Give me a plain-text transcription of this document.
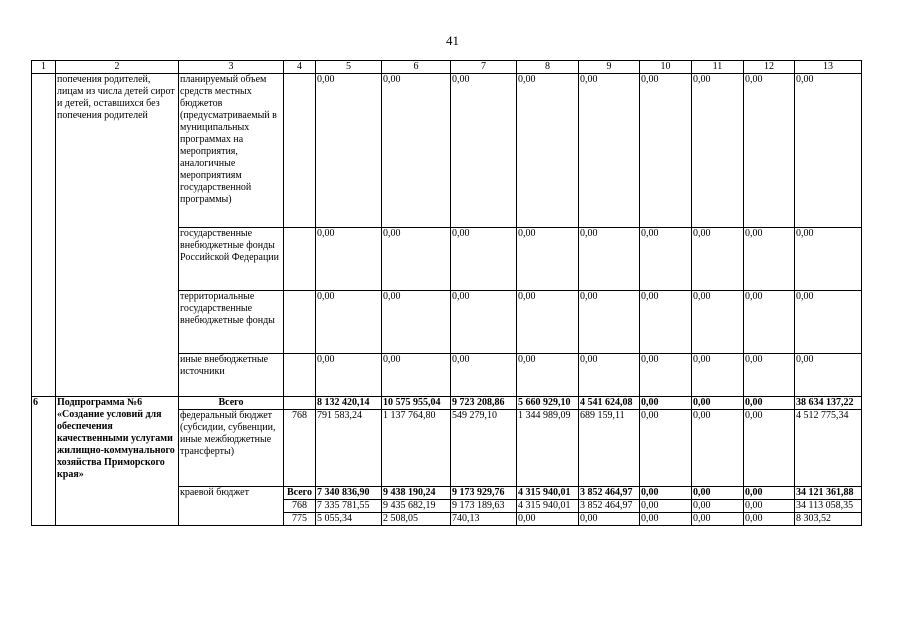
41
1	2	3	4	5	6	7	8	9	10	11	12	13
	попечения родителей, лицам из числа детей сирот и детей, оставшихся без попечения родителей	планируемый объем средств местных бюджетов (предусматриваемый в муниципальных программах на мероприятия, аналогичные мероприятиям государственной программы)		0,00	0,00	0,00	0,00	0,00	0,00	0,00	0,00	0,00
		государственные внебюджетные фонды Российской Федерации		0,00	0,00	0,00	0,00	0,00	0,00	0,00	0,00	0,00
		территориальные государственные внебюджетные фонды		0,00	0,00	0,00	0,00	0,00	0,00	0,00	0,00	0,00
		иные внебюджетные источники		0,00	0,00	0,00	0,00	0,00	0,00	0,00	0,00	0,00
6	Подпрограмма №6 «Создание условий для обеспечения качественными услугами жилищно-коммунального хозяйства Приморского края»	Всего		8 132 420,14	10 575 955,04	9 723 208,86	5 660 929,10	4 541 624,08	0,00	0,00	0,00	38 634 137,22
		федеральный бюджет (субсидии, субвенции, иные межбюджетные трансферты)	768	791 583,24	1 137 764,80	549 279,10	1 344 989,09	689 159,11	0,00	0,00	0,00	4 512 775,34
		краевой бюджет	Всего	7 340 836,90	9 438 190,24	9 173 929,76	4 315 940,01	3 852 464,97	0,00	0,00	0,00	34 121 361,88
			768	7 335 781,55	9 435 682,19	9 173 189,63	4 315 940,01	3 852 464,97	0,00	0,00	0,00	34 113 058,35
			775	5 055,34	2 508,05	740,13	0,00	0,00	0,00	0,00	0,00	8 303,52
